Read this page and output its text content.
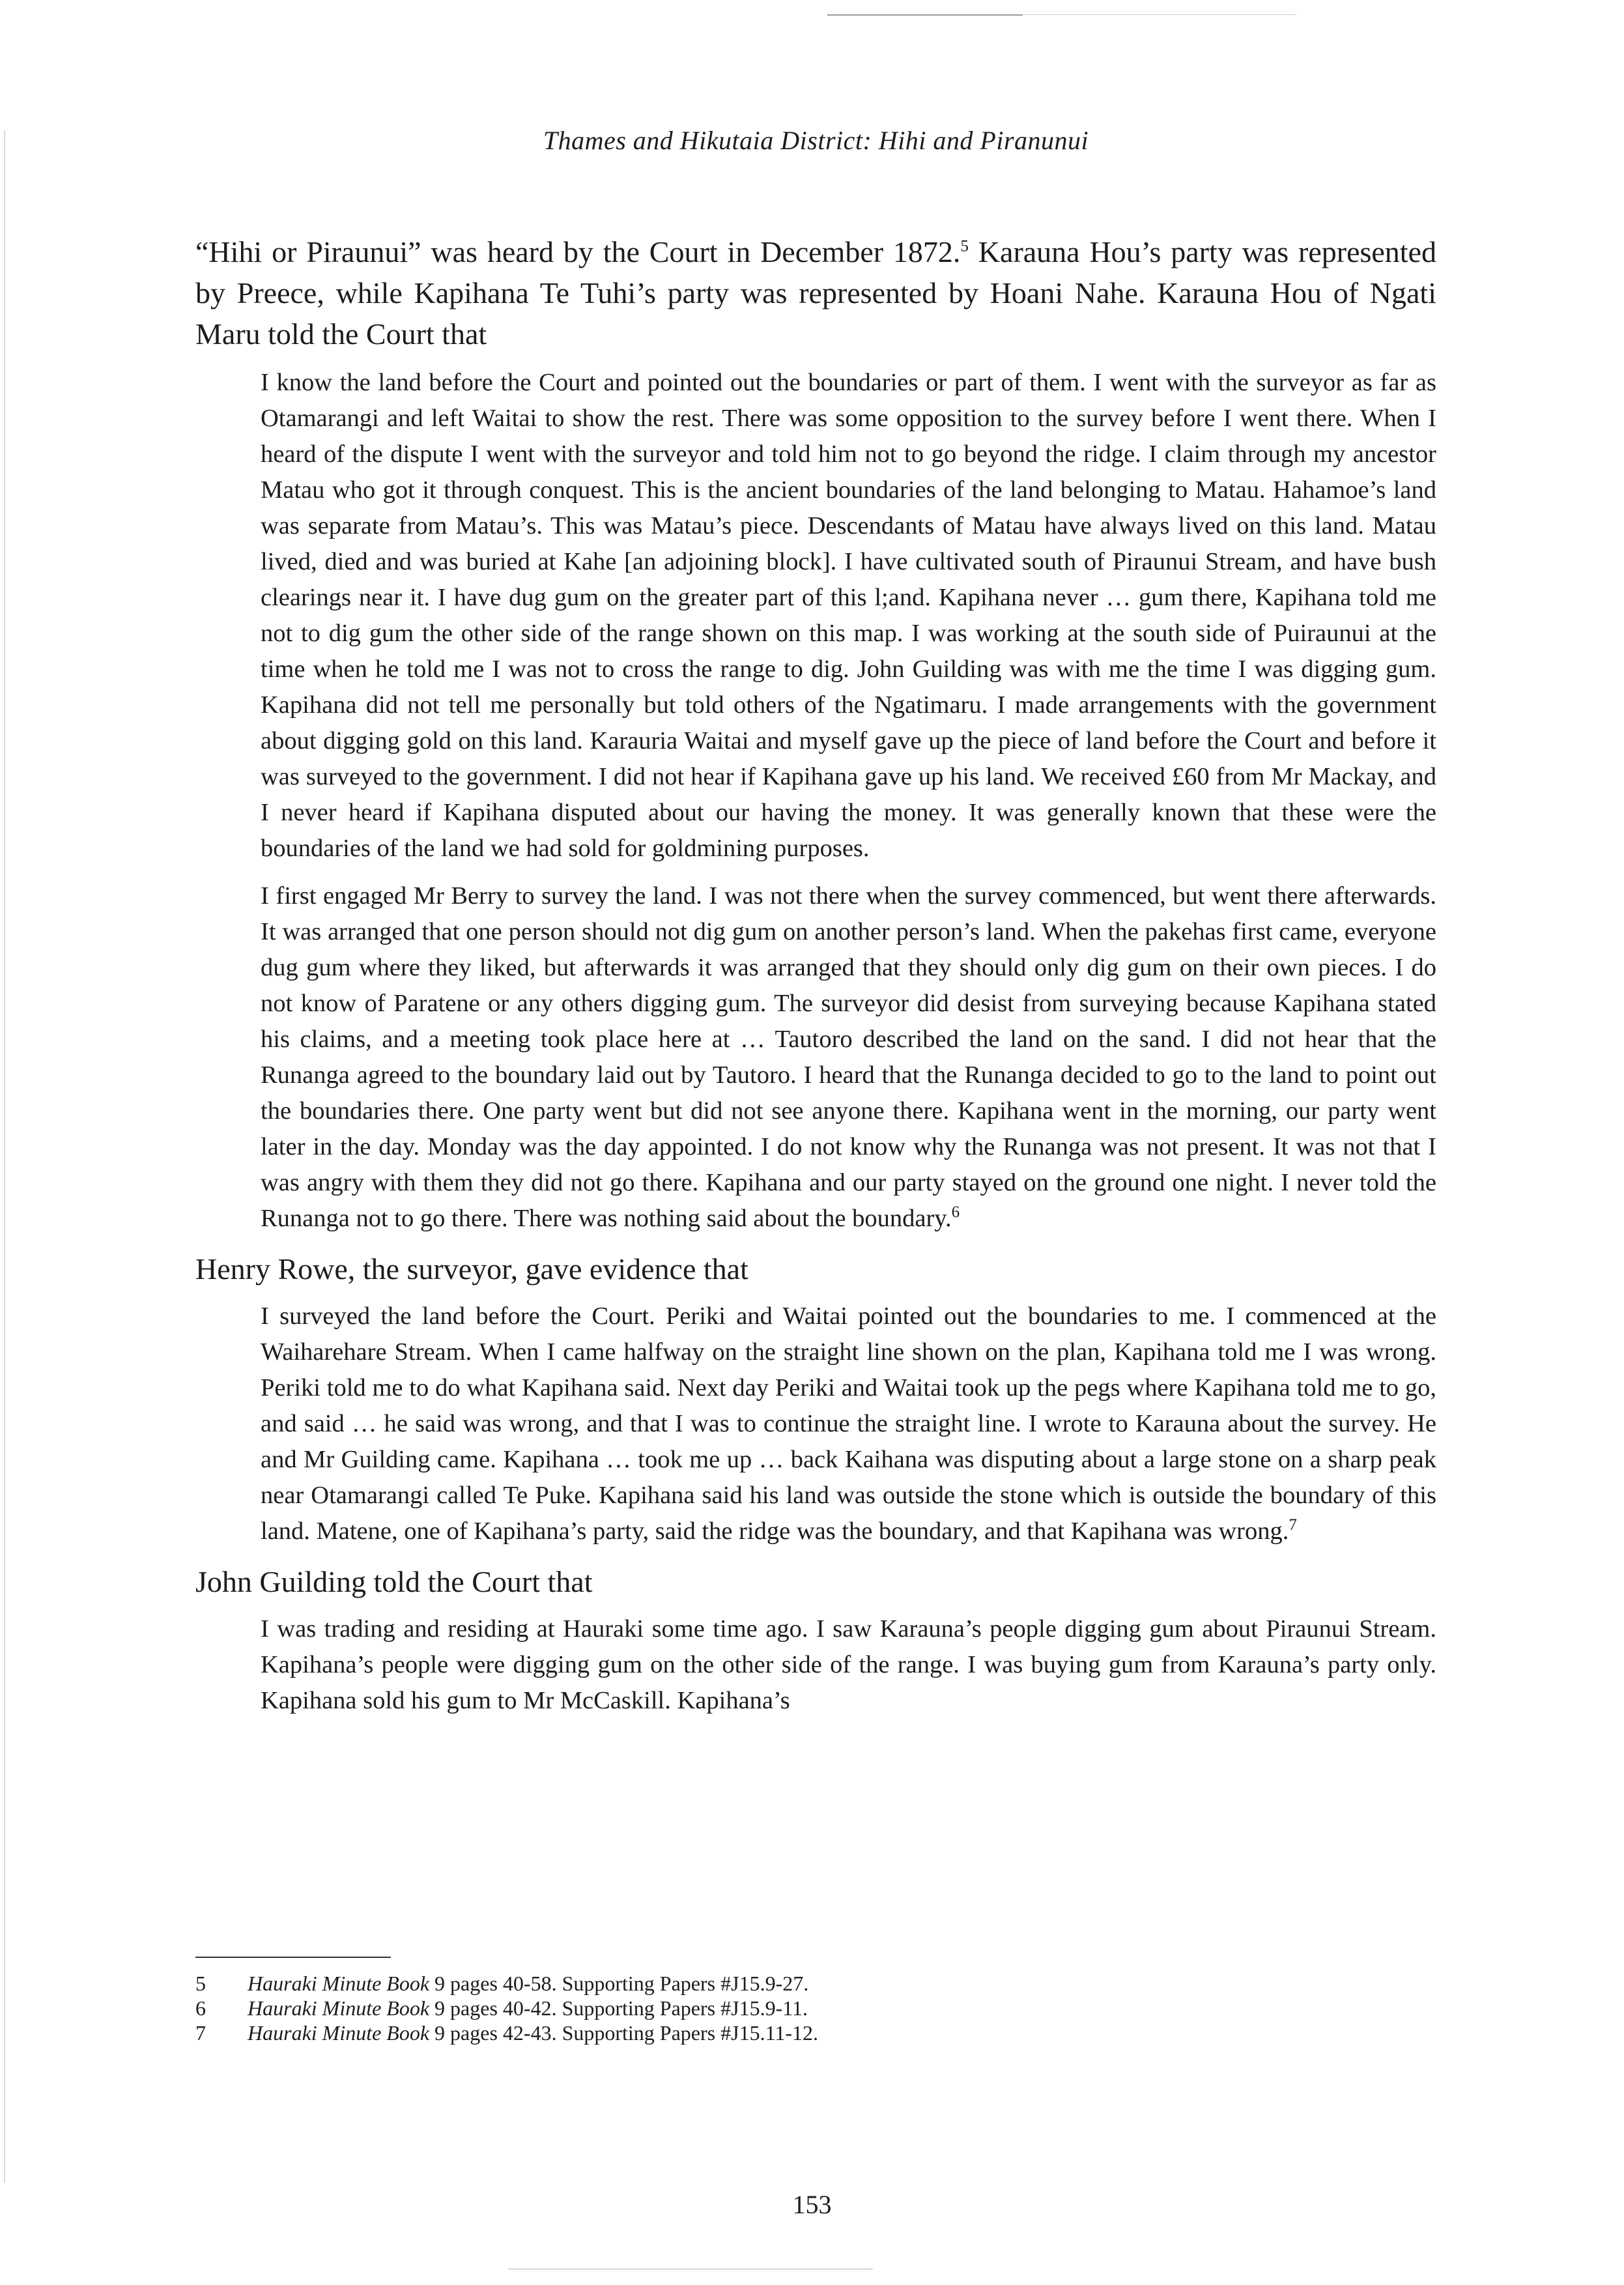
Thames and Hikutaia District: Hihi and Piranunui

“Hihi or Piraunui” was heard by the Court in December 1872.$^5$ Karauna Hou’s party was represented by Preece, while Kapihana Te Tuhi’s party was represented by Hoani Nahe. Karauna Hou of Ngati Maru told the Court that

I know the land before the Court and pointed out the boundaries or part of them. I went with the surveyor as far as Otamarangi and left Waitai to show the rest. There was some opposition to the survey before I went there. When I heard of the dispute I went with the surveyor and told him not to go beyond the ridge. I claim through my ancestor Matau who got it through conquest. This is the ancient boundaries of the land belonging to Matau. Hahamoe’s land was separate from Matau’s. This was Matau’s piece. Descendants of Matau have always lived on this land. Matau lived, died and was buried at Kahe [an adjoining block]. I have cultivated south of Piraunui Stream, and have bush clearings near it. I have dug gum on the greater part of this l;and. Kapihana never … gum there, Kapihana told me not to dig gum the other side of the range shown on this map. I was working at the south side of Puiraunui at the time when he told me I was not to cross the range to dig. John Guilding was with me the time I was digging gum. Kapihana did not tell me personally but told others of the Ngatimaru. I made arrangements with the government about digging gold on this land. Karauria Waitai and myself gave up the piece of land before the Court and before it was surveyed to the government. I did not hear if Kapihana gave up his land. We received £60 from Mr Mackay, and I never heard if Kapihana disputed about our having the money. It was generally known that these were the boundaries of the land we had sold for goldmining purposes.

I first engaged Mr Berry to survey the land. I was not there when the survey commenced, but went there afterwards. It was arranged that one person should not dig gum on another person’s land. When the pakehas first came, everyone dug gum where they liked, but afterwards it was arranged that they should only dig gum on their own pieces. I do not know of Paratene or any others digging gum. The surveyor did desist from surveying because Kapihana stated his claims, and a meeting took place here at … Tautoro described the land on the sand. I did not hear that the Runanga agreed to the boundary laid out by Tautoro. I heard that the Runanga decided to go to the land to point out the boundaries there. One party went but did not see anyone there. Kapihana went in the morning, our party went later in the day. Monday was the day appointed. I do not know why the Runanga was not present. It was not that I was angry with them they did not go there. Kapihana and our party stayed on the ground one night. I never told the Runanga not to go there. There was nothing said about the boundary.$^6$

Henry Rowe, the surveyor, gave evidence that

I surveyed the land before the Court. Periki and Waitai pointed out the boundaries to me. I commenced at the Waiharehare Stream. When I came halfway on the straight line shown on the plan, Kapihana told me I was wrong. Periki told me to do what Kapihana said. Next day Periki and Waitai took up the pegs where Kapihana told me to go, and said … he said was wrong, and that I was to continue the straight line. I wrote to Karauna about the survey. He and Mr Guilding came. Kapihana … took me up … back Kaihana was disputing about a large stone on a sharp peak near Otamarangi called Te Puke. Kapihana said his land was outside the stone which is outside the boundary of this land. Matene, one of Kapihana’s party, said the ridge was the boundary, and that Kapihana was wrong.$^7$

John Guilding told the Court that

I was trading and residing at Hauraki some time ago. I saw Karauna’s people digging gum about Piraunui Stream. Kapihana’s people were digging gum on the other side of the range. I was buying gum from Karauna’s party only. Kapihana sold his gum to Mr McCaskill. Kapihana’s

5	Hauraki Minute Book 9 pages 40-58. Supporting Papers #J15.9-27.
6	Hauraki Minute Book 9 pages 40-42. Supporting Papers #J15.9-11.
7	Hauraki Minute Book 9 pages 42-43. Supporting Papers #J15.11-12.
153
